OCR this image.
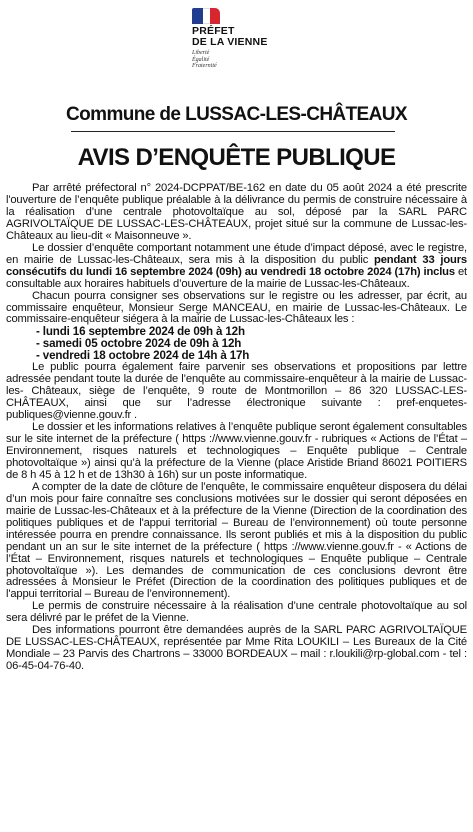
PRÉFET
DE LA VIENNE
Liberté
Égalité
Fraternité
Commune de LUSSAC-LES-CHÂTEAUX
AVIS D’ENQUÊTE PUBLIQUE

Par arrêté préfectoral n° 2024-DCPPAT/BE-162 en date du 05 août 2024 a été prescrite l'ouverture de l’enquête publique préalable à la délivrance du permis de construire nécessaire à la réalisation d’une centrale photovoltaïque au sol, déposé par la SARL PARC AGRIVOLTAÏQUE DE LUSSAC-LES-CHÂTEAUX, projet situé sur la commune de Lussac-les-Châteaux au lieu-dit « Maisonneuve ».

Le dossier d’enquête comportant notamment une étude d’impact déposé, avec le registre, en mairie de Lussac-les-Châteaux, sera mis à la disposition du public pendant 33 jours consécutifs du lundi 16 septembre 2024 (09h) au vendredi 18 octobre 2024 (17h) inclus et consultable aux horaires habituels d’ouverture de la mairie de Lussac-les-Châteaux.

Chacun pourra consigner ses observations sur le registre ou les adresser, par écrit, au commissaire enquêteur, Monsieur Serge MANCEAU, en mairie de Lussac-les-Châteaux. Le commissaire-enquêteur siégera à la mairie de Lussac-les-Châteaux les :

- lundi 16 septembre 2024 de 09h à 12h
- samedi 05 octobre 2024 de 09h à 12h
- vendredi 18 octobre 2024 de 14h à 17h

Le public pourra également faire parvenir ses observations et propositions par lettre adressée pendant toute la durée de l’enquête au commissaire-enquêteur à la mairie de Lussac-les- Châteaux, siège de l’enquête, 9 route de Montmorillon – 86 320 LUSSAC-LES-CHÂTEAUX, ainsi que sur l’adresse électronique suivante : pref-enquetes-publiques@vienne.gouv.fr .

Le dossier et les informations relatives à l’enquête publique seront également consultables sur le site internet de la préfecture ( https ://www.vienne.gouv.fr - rubriques « Actions de l’État – Environnement, risques naturels et technologiques – Enquête publique – Centrale photovoltaïque ») ainsi qu’à la préfecture de la Vienne (place Aristide Briand 86021 POITIERS de 8 h 45 à 12 h et de 13h30 à 16h) sur un poste informatique.

A compter de la date de clôture de l’enquête, le commissaire enquêteur disposera du délai d’un mois pour faire connaître ses conclusions motivées sur le dossier qui seront déposées en mairie de Lussac-les-Châteaux et à la préfecture de la Vienne (Direction de la coordination des politiques publiques et de l'appui territorial – Bureau de l’environnement) où toute personne intéressée pourra en prendre connaissance. Ils seront publiés et mis à la disposition du public pendant un an sur le site internet de la préfecture ( https ://www.vienne.gouv.fr - « Actions de l’État – Environnement, risques naturels et technologiques – Enquête publique – Centrale photovoltaïque »). Les demandes de communication de ces conclusions devront être adressées à Monsieur le Préfet (Direction de la coordination des politiques publiques et de l'appui territorial – Bureau de l’environnement).

Le permis de construire nécessaire à la réalisation d’une centrale photovoltaïque au sol sera délivré par le préfet de la Vienne.

Des informations pourront être demandées auprès de la SARL PARC AGRIVOLTAÏQUE DE LUSSAC-LES-CHÂTEAUX, représentée par Mme Rita LOUKILI – Les Bureaux de la Cité Mondiale – 23 Parvis des Chartrons – 33000 BORDEAUX – mail : r.loukili@rp-global.com - tel : 06-45-04-76-40.
